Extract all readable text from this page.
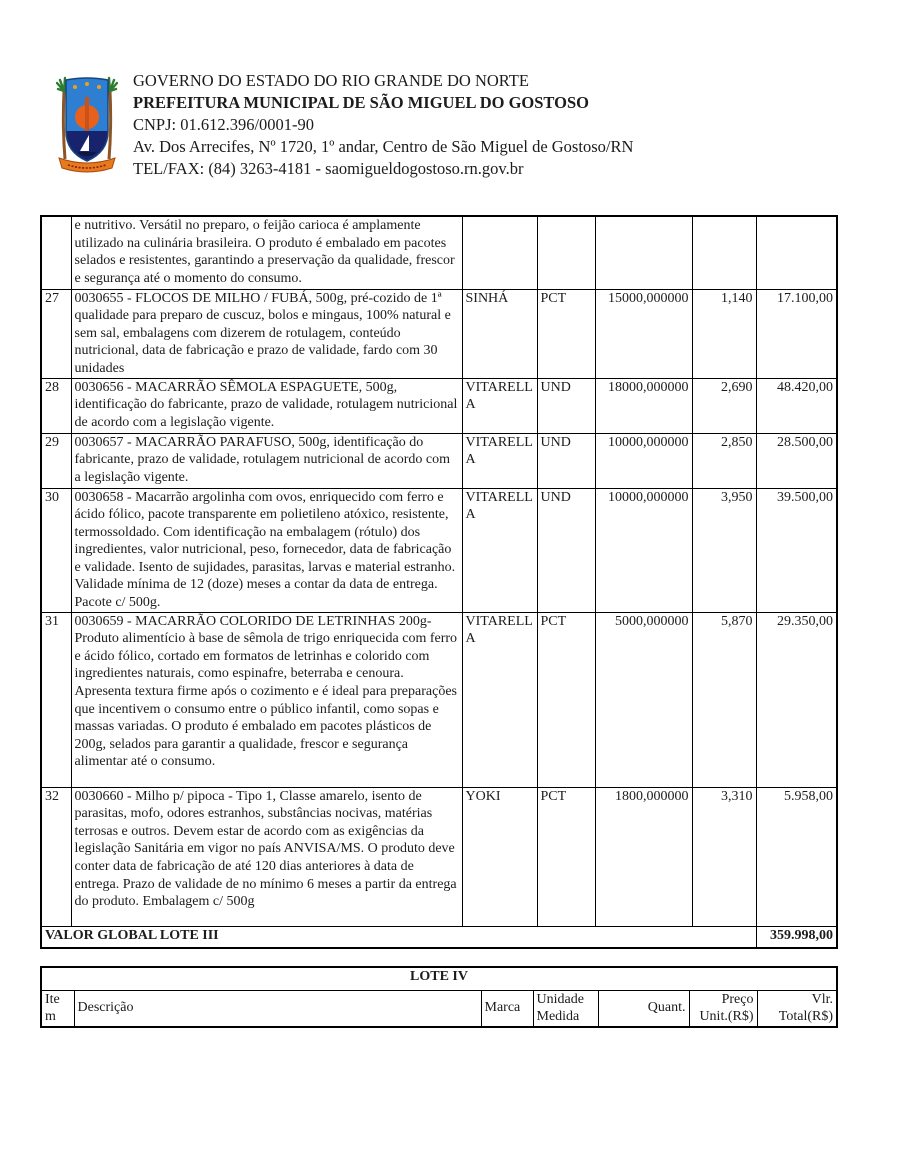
GOVERNO DO ESTADO DO RIO GRANDE DO NORTE
PREFEITURA MUNICIPAL DE SÃO MIGUEL DO GOSTOSO
CNPJ: 01.612.396/0001-90
Av. Dos Arrecifes, Nº 1720, 1º andar, Centro de São Miguel de Gostoso/RN
TEL/FAX: (84) 3263-4181 - saomigueldogostoso.rn.gov.br
	e nutritivo. Versátil no preparo, o feijão carioca é amplamente utilizado na culinária brasileira. O produto é embalado em pacotes selados e resistentes, garantindo a preservação da qualidade, frescor e segurança até o momento do consumo.					
27	0030655 - FLOCOS DE MILHO / FUBÁ, 500g, pré-cozido de 1ª qualidade para preparo de cuscuz, bolos e mingaus, 100% natural e sem sal, embalagens com dizerem de rotulagem, conteúdo nutricional, data de fabricação e prazo de validade, fardo com 30 unidades	SINHÁ	PCT	15000,000000	1,140	17.100,00
28	0030656 - MACARRÃO SÊMOLA ESPAGUETE, 500g, identificação do fabricante, prazo de validade, rotulagem nutricional de acordo com a legislação vigente.	VITARELLA	UND	18000,000000	2,690	48.420,00
29	0030657 - MACARRÃO PARAFUSO, 500g, identificação do fabricante, prazo de validade, rotulagem nutricional de acordo com a legislação vigente.	VITARELLA	UND	10000,000000	2,850	28.500,00
30	0030658 - Macarrão argolinha com ovos, enriquecido com ferro e ácido fólico, pacote transparente em polietileno atóxico, resistente, termossoldado. Com identificação na embalagem (rótulo) dos ingredientes, valor nutricional, peso, fornecedor, data de fabricação e validade. Isento de sujidades, parasitas, larvas e material estranho. Validade mínima de 12 (doze) meses a contar da data de entrega. Pacote c/ 500g.	VITARELLA	UND	10000,000000	3,950	39.500,00
31	0030659 - MACARRÃO COLORIDO DE LETRINHAS 200g- Produto alimentício à base de sêmola de trigo enriquecida com ferro e ácido fólico, cortado em formatos de letrinhas e colorido com ingredientes naturais, como espinafre, beterraba e cenoura. Apresenta textura firme após o cozimento e é ideal para preparações que incentivem o consumo entre o público infantil, como sopas e massas variadas. O produto é embalado em pacotes plásticos de 200g, selados para garantir a qualidade, frescor e segurança alimentar até o consumo.	VITARELLA	PCT	5000,000000	5,870	29.350,00
32	0030660 - Milho p/ pipoca - Tipo 1, Classe amarelo, isento de parasitas, mofo, odores estranhos, substâncias nocivas, matérias terrosas e outros. Devem estar de acordo com as exigências da legislação Sanitária em vigor no país ANVISA/MS. O produto deve conter data de fabricação de até 120 dias anteriores à data de entrega. Prazo de validade de no mínimo 6 meses a partir da entrega do produto. Embalagem c/ 500g	YOKI	PCT	1800,000000	3,310	5.958,00
VALOR GLOBAL LOTE III						359.998,00
LOTE IV
Item	Descrição	Marca	Unidade Medida	Quant.	Preço Unit.(R$)	Vlr. Total(R$)
